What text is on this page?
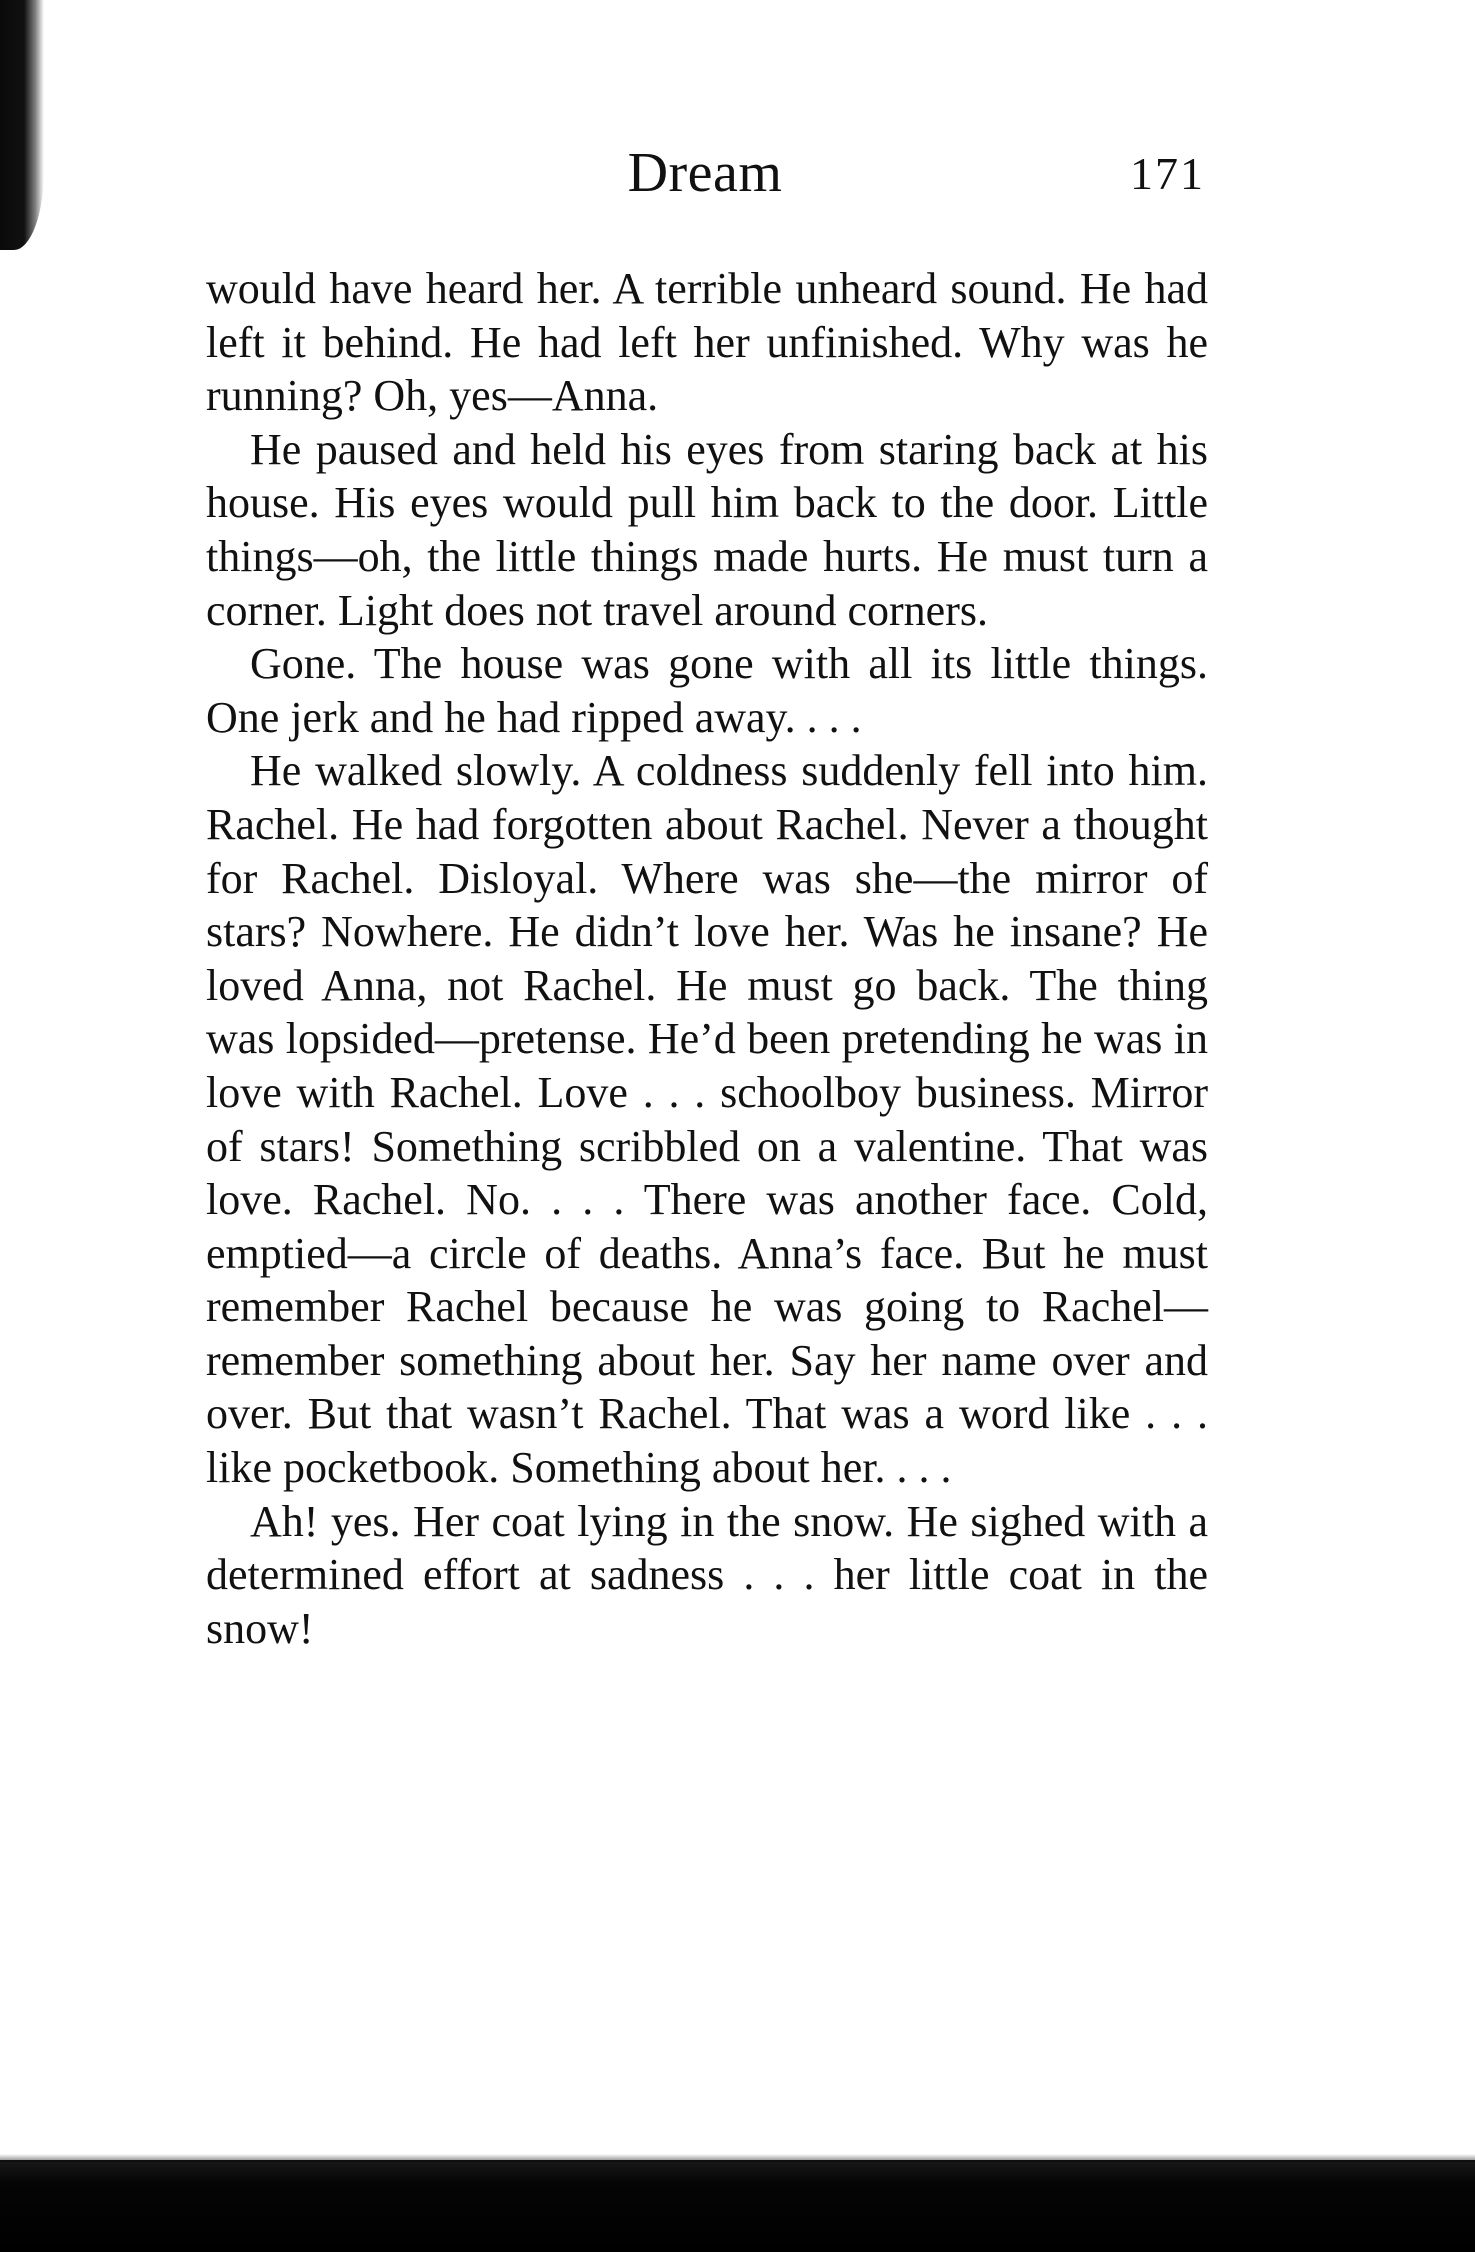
Dream	171

would have heard her. A terrible unheard sound. He had left it behind. He had left her unfinished. Why was he running? Oh, yes—Anna.

He paused and held his eyes from staring back at his house. His eyes would pull him back to the door. Little things—oh, the little things made hurts. He must turn a corner. Light does not travel around corners.

Gone. The house was gone with all its little things. One jerk and he had ripped away. . . .

He walked slowly. A coldness suddenly fell into him. Rachel. He had forgotten about Rachel. Never a thought for Rachel. Disloyal. Where was she—the mirror of stars? Nowhere. He didn’t love her. Was he insane? He loved Anna, not Rachel. He must go back. The thing was lopsided—pretense. He’d been pretending he was in love with Rachel. Love . . . schoolboy business. Mirror of stars! Something scribbled on a valentine. That was love. Rachel. No. . . . There was another face. Cold, emptied—a circle of deaths. Anna’s face. But he must remember Rachel because he was going to Rachel—remember something about her. Say her name over and over. But that wasn’t Rachel. That was a word like . . . like pocketbook. Something about her. . . .

Ah! yes. Her coat lying in the snow. He sighed with a determined effort at sadness . . . her little coat in the snow!
